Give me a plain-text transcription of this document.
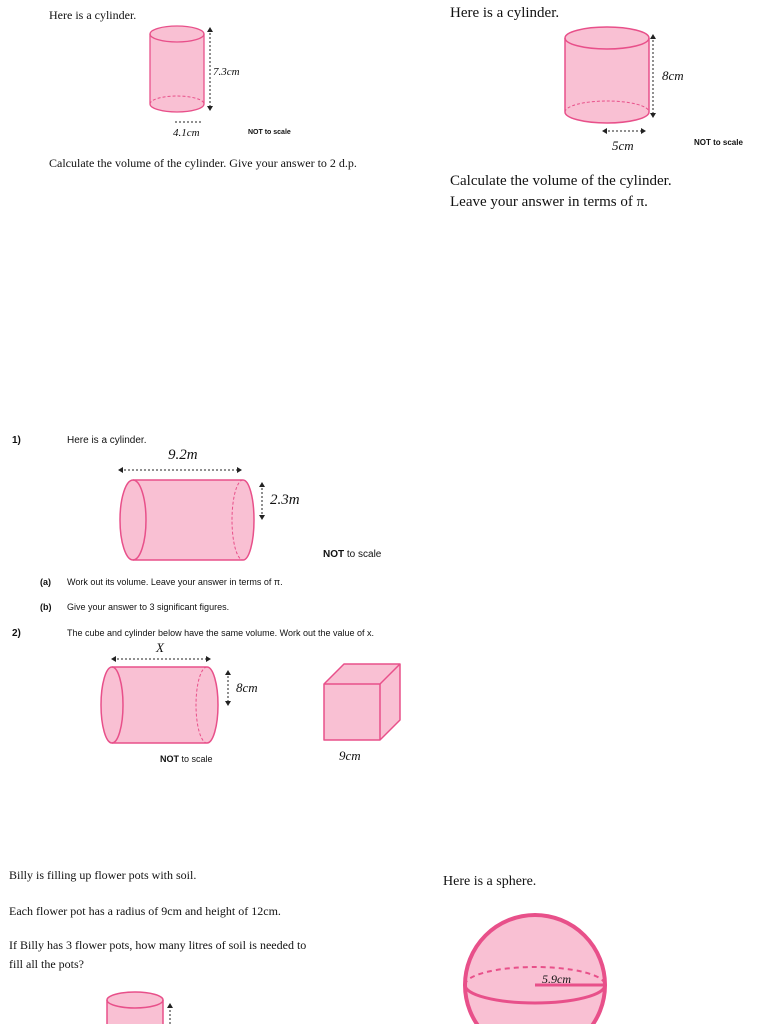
Here is a cylinder.
7.3cm
4.1cm	NOT to scale
Calculate the volume of the cylinder. Give your answer to 2 d.p.
Here is a cylinder.
8cm
5cm	NOT to scale
Calculate the volume of the cylinder.
Leave your answer in terms of π.
1)	Here is a cylinder.
9.2m
2.3m
NOT to scale
(a) Work out its volume. Leave your answer in terms of π.
(b) Give your answer to 3 significant figures.
2)	The cube and cylinder below have the same volume. Work out the value of x.
X
8cm
9cm
NOT to scale
Billy is filling up flower pots with soil.
Each flower pot has a radius of 9cm and height of 12cm.
If Billy has 3 flower pots, how many litres of soil is needed to
fill all the pots?
Here is a sphere.
5.9cm
